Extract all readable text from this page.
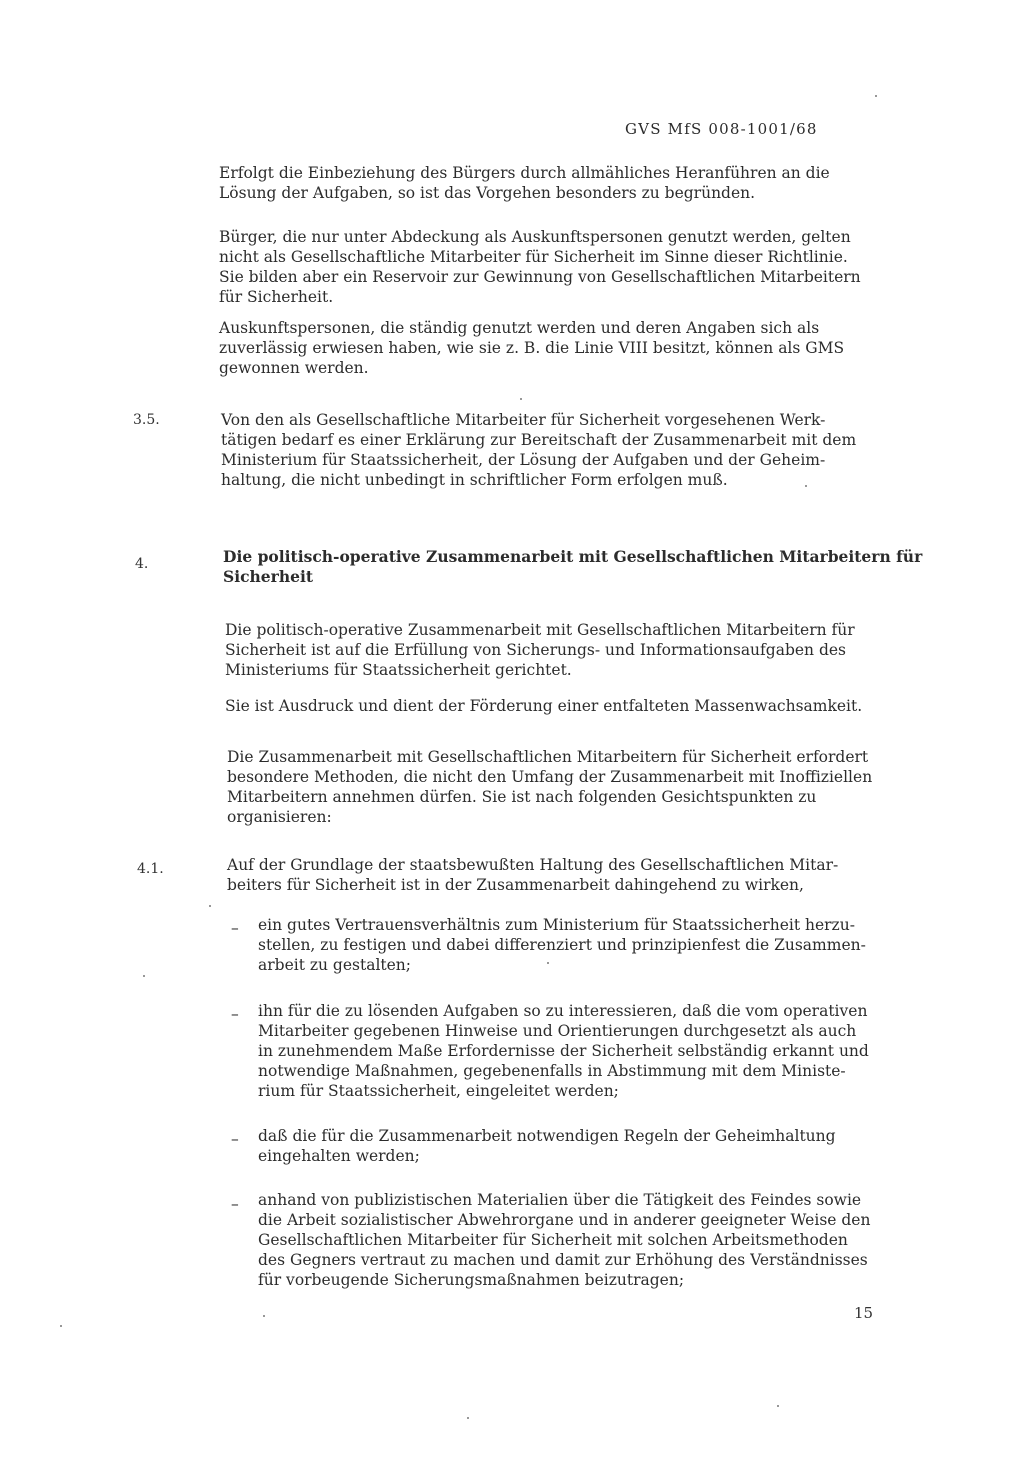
GVS MfS 008-1001/68
Erfolgt die Einbeziehung des Bürgers durch allmähliches Heranführen an die
Lösung der Aufgaben, so ist das Vorgehen besonders zu begründen.
Bürger, die nur unter Abdeckung als Auskunftspersonen genutzt werden, gelten
nicht als Gesellschaftliche Mitarbeiter für Sicherheit im Sinne dieser Richtlinie.
Sie bilden aber ein Reservoir zur Gewinnung von Gesellschaftlichen Mitarbeitern
für Sicherheit.
Auskunftspersonen, die ständig genutzt werden und deren Angaben sich als
zuverlässig erwiesen haben, wie sie z. B. die Linie VIII besitzt, können als GMS
gewonnen werden.
3.5.	Von den als Gesellschaftliche Mitarbeiter für Sicherheit vorgesehenen Werk-
tätigen bedarf es einer Erklärung zur Bereitschaft der Zusammenarbeit mit dem
Ministerium für Staatssicherheit, der Lösung der Aufgaben und der Geheim-
haltung, die nicht unbedingt in schriftlicher Form erfolgen muß.
4.	Die politisch-operative Zusammenarbeit mit Gesellschaftlichen Mitarbeitern für
Sicherheit
Die politisch-operative Zusammenarbeit mit Gesellschaftlichen Mitarbeitern für
Sicherheit ist auf die Erfüllung von Sicherungs- und Informationsaufgaben des
Ministeriums für Staatssicherheit gerichtet.
Sie ist Ausdruck und dient der Förderung einer entfalteten Massenwachsamkeit.
Die Zusammenarbeit mit Gesellschaftlichen Mitarbeitern für Sicherheit erfordert
besondere Methoden, die nicht den Umfang der Zusammenarbeit mit Inoffiziellen
Mitarbeitern annehmen dürfen. Sie ist nach folgenden Gesichtspunkten zu
organisieren:
4.1.	Auf der Grundlage der staatsbewußten Haltung des Gesellschaftlichen Mitar-
beiters für Sicherheit ist in der Zusammenarbeit dahingehend zu wirken,
– ein gutes Vertrauensverhältnis zum Ministerium für Staatssicherheit herzu-
stellen, zu festigen und dabei differenziert und prinzipienfest die Zusammen-
arbeit zu gestalten;
– ihn für die zu lösenden Aufgaben so zu interessieren, daß die vom operativen
Mitarbeiter gegebenen Hinweise und Orientierungen durchgesetzt als auch
in zunehmendem Maße Erfordernisse der Sicherheit selbständig erkannt und
notwendige Maßnahmen, gegebenenfalls in Abstimmung mit dem Ministe-
rium für Staatssicherheit, eingeleitet werden;
– daß die für die Zusammenarbeit notwendigen Regeln der Geheimhaltung
eingehalten werden;
– anhand von publizistischen Materialien über die Tätigkeit des Feindes sowie
die Arbeit sozialistischer Abwehrorgane und in anderer geeigneter Weise den
Gesellschaftlichen Mitarbeiter für Sicherheit mit solchen Arbeitsmethoden
des Gegners vertraut zu machen und damit zur Erhöhung des Verständnisses
für vorbeugende Sicherungsmaßnahmen beizutragen;
15
